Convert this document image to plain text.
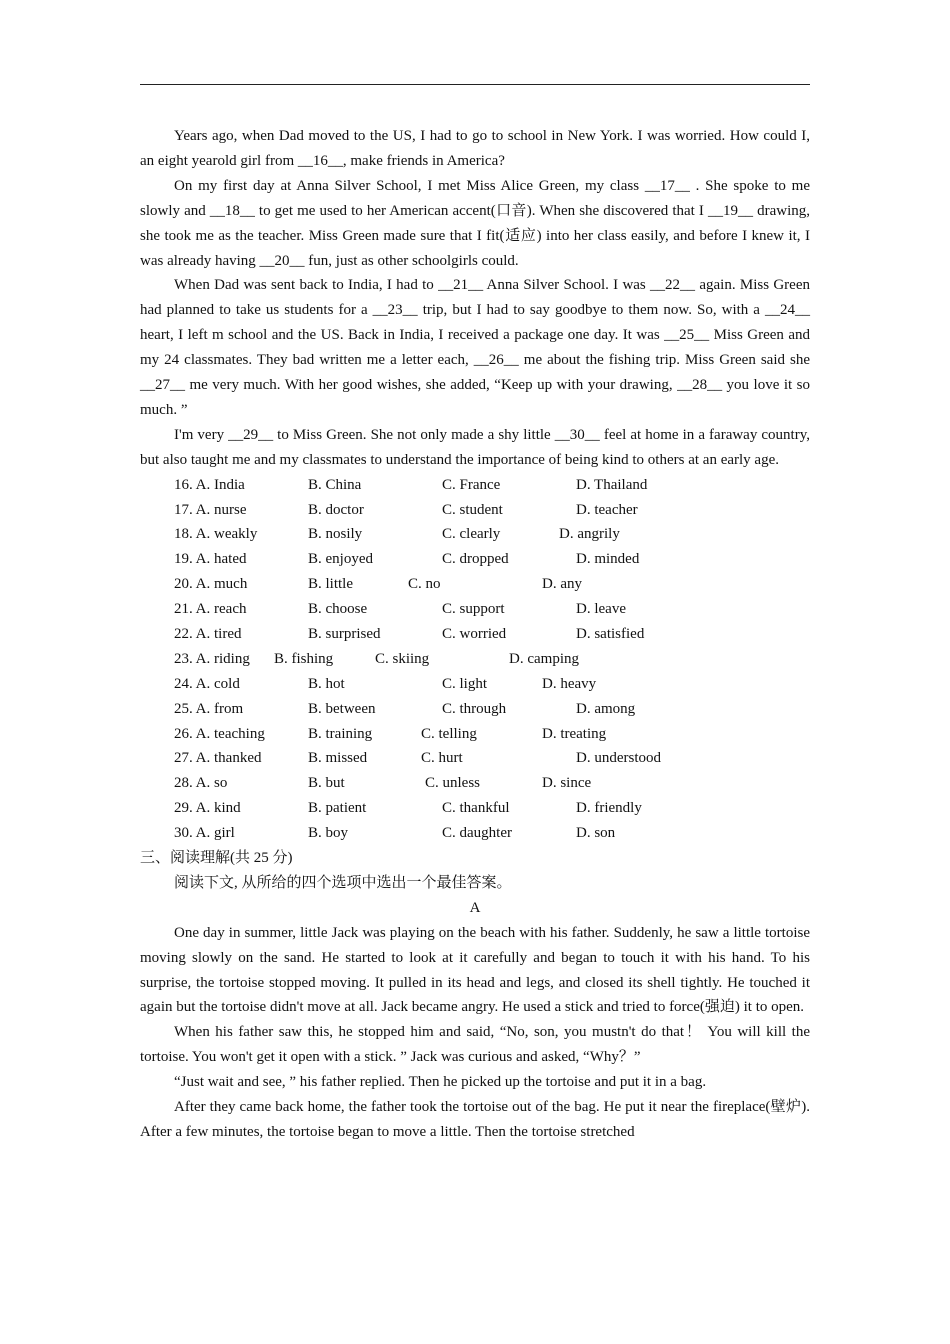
Years ago, when Dad moved to the US, I had to go to school in New York. I was worried. How could I, an eight yearold girl from __16__, make friends in America?

On my first day at Anna Silver School, I met Miss Alice Green, my class __17__ . She spoke to me slowly and __18__ to get me used to her American accent(口音). When she discovered that I __19__ drawing, she took me as the teacher. Miss Green made sure that I fit(适应) into her class easily, and before I knew it, I was already having __20__ fun, just as other schoolgirls could.

When Dad was sent back to India, I had to __21__ Anna Silver School. I was __22__ again. Miss Green had planned to take us students for a __23__ trip, but I had to say goodbye to them now. So, with a __24__ heart, I left m school and the US. Back in India, I received a package one day. It was __25__ Miss Green and my 24 classmates. They bad written me a letter each, __26__ me about the fishing trip. Miss Green said she __27__ me very much. With her good wishes, she added, “Keep up with your drawing, __28__ you love it so much. ”

I'm very __29__ to Miss Green. She not only made a shy little __30__ feel at home in a faraway country, but also taught me and my classmates to understand the importance of being kind to others at an early age.

16. A. India	B. China	C. France	D. Thailand
17. A. nurse	B. doctor	C. student	D. teacher
18. A. weakly	B. nosily	C. clearly	D. angrily
19. A. hated	B. enjoyed	C. dropped	D. minded
20. A. much	B. little	C. no	D. any
21. A. reach	B. choose	C. support	D. leave
22. A. tired	B. surprised	C. worried	D. satisfied
23. A. riding B. fishing	C. skiing	D. camping
24. A. cold	B. hot	C. light	D. heavy
25. A. from	B. between	C. through	D. among
26. A. teaching	B. training	C. telling	D. treating
27. A. thanked	B. missed	C. hurt	D. understood
28. A. so	B. but	C. unless	D. since
29. A. kind	B. patient	C. thankful	D. friendly
30. A. girl	B. boy	C. daughter	D. son
三、阅读理解(共 25 分)
阅读下文, 从所给的四个选项中选出一个最佳答案。
A

One day in summer, little Jack was playing on the beach with his father. Suddenly, he saw a little tortoise moving slowly on the sand. He started to look at it carefully and began to touch it with his hand. To his surprise, the tortoise stopped moving. It pulled in its head and legs, and closed its shell tightly. He touched it again but the tortoise didn't move at all. Jack became angry. He used a stick and tried to force(强迫) it to open.

When his father saw this, he stopped him and said, “No, son, you mustn't do that！ You will kill the tortoise. You won't get it open with a stick. ” Jack was curious and asked, “Why？”

“Just wait and see, ” his father replied. Then he picked up the tortoise and put it in a bag.

After they came back home, the father took the tortoise out of the bag. He put it near the fireplace(壁炉). After a few minutes, the tortoise began to move a little. Then the tortoise stretched
